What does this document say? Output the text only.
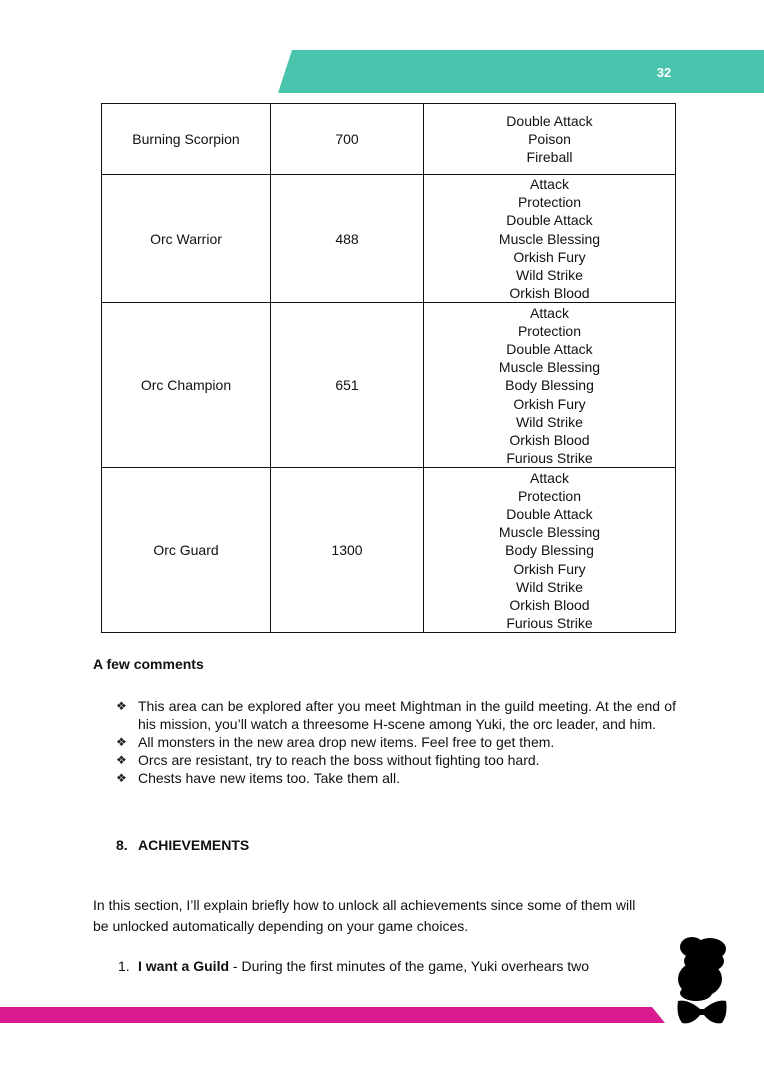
32
Burning Scorpion	700	Double Attack
Poison
Fireball

Orc Warrior	488	
Attack
Protection
Double Attack
Muscle Blessing
Orkish Fury
Wild Strike
Orkish Blood

Orc Champion	651	
Attack
Protection
Double Attack
Muscle Blessing
Body Blessing
Orkish Fury
Wild Strike
Orkish Blood
Furious Strike

Orc Guard	1300	
Attack
Protection
Double Attack
Muscle Blessing
Body Blessing
Orkish Fury
Wild Strike
Orkish Blood
Furious Strike
A few comments
❖ This area can be explored after you meet Mightman in the guild meeting. At the end of his mission, you’ll watch a threesome H-scene among Yuki, the orc leader, and him.
❖ All monsters in the new area drop new items. Feel free to get them.
❖ Orcs are resistant, try to reach the boss without fighting too hard.
❖ Chests have new items too. Take them all.
8. ACHIEVEMENTS
In this section, I’ll explain briefly how to unlock all achievements since some of them will be unlocked automatically depending on your game choices.
1. I want a Guild - During the first minutes of the game, Yuki overhears two
